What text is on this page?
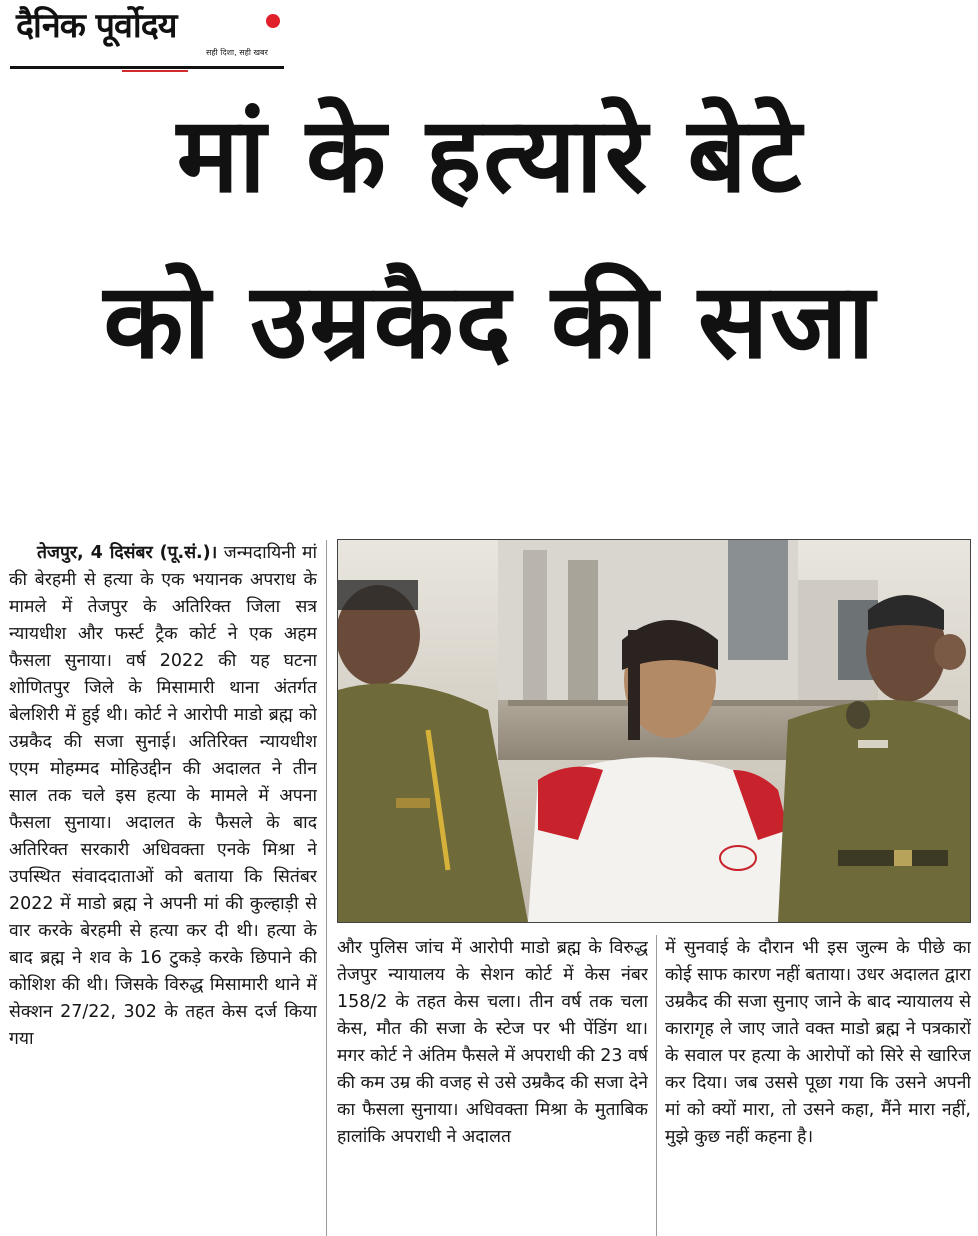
दैनिक पूर्वोदय
सही दिशा, सही खबर
मां के हत्यारे बेटे
को उम्रकैद की सजा

तेजपुर, 4 दिसंबर (पू.सं.)। जन्मदायिनी मां की बेरहमी से हत्या के एक भयानक अपराध के मामले में तेजपुर के अतिरिक्त जिला सत्र न्यायधीश और फर्स्ट ट्रैक कोर्ट ने एक अहम फैसला सुनाया। वर्ष 2022 की यह घटना शोणितपुर जिले के मिसामारी थाना अंतर्गत बेलशिरी में हुई थी। कोर्ट ने आरोपी माडो ब्रह्म को उम्रकैद की सजा सुनाई। अतिरिक्त न्यायधीश एएम मोहम्मद मोहिउद्दीन की अदालत ने तीन साल तक चले इस हत्या के मामले में अपना फैसला सुनाया। अदालत के फैसले के बाद अतिरिक्त सरकारी अधिवक्ता एनके मिश्रा ने उपस्थित संवाददाताओं को बताया कि सितंबर 2022 में माडो ब्रह्म ने अपनी मां की कुल्हाड़ी से वार करके बेरहमी से हत्या कर दी थी। हत्या के बाद ब्रह्म ने शव के 16 टुकड़े करके छिपाने की कोशिश की थी। जिसके विरुद्ध मिसामारी थाने में सेक्शन 27/22, 302 के तहत केस दर्ज किया गया

और पुलिस जांच में आरोपी माडो ब्रह्म के विरुद्ध तेजपुर न्यायालय के सेशन कोर्ट में केस नंबर 158/2 के तहत केस चला। तीन वर्ष तक चला केस, मौत की सजा के स्टेज पर भी पेंडिंग था। मगर कोर्ट ने अंतिम फैसले में अपराधी की 23 वर्ष की कम उम्र की वजह से उसे उम्रकैद की सजा देने का फैसला सुनाया। अधिवक्ता मिश्रा के मुताबिक हालांकि अपराधी ने अदालत

में सुनवाई के दौरान भी इस जुल्म के पीछे का कोई साफ कारण नहीं बताया। उधर अदालत द्वारा उम्रकैद की सजा सुनाए जाने के बाद न्यायालय से कारागृह ले जाए जाते वक्त माडो ब्रह्म ने पत्रकारों के सवाल पर हत्या के आरोपों को सिरे से खारिज कर दिया। जब उससे पूछा गया कि उसने अपनी मां को क्यों मारा, तो उसने कहा, मैंने मारा नहीं, मुझे कुछ नहीं कहना है।
